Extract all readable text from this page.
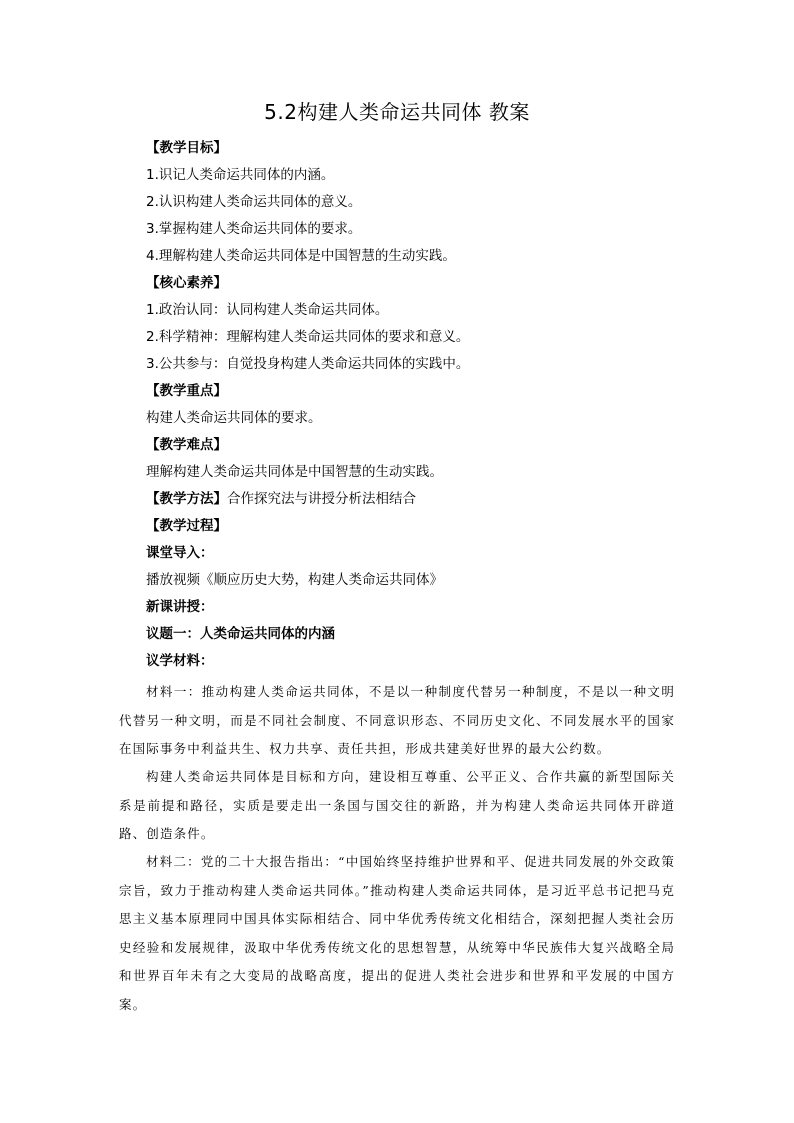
5.2构建人类命运共同体 教案
【教学目标】
1.识记人类命运共同体的内涵。
2.认识构建人类命运共同体的意义。
3.掌握构建人类命运共同体的要求。
4.理解构建人类命运共同体是中国智慧的生动实践。
【核心素养】
1.政治认同：认同构建人类命运共同体。
2.科学精神：理解构建人类命运共同体的要求和意义。
3.公共参与：自觉投身构建人类命运共同体的实践中。
【教学重点】
构建人类命运共同体的要求。
【教学难点】
理解构建人类命运共同体是中国智慧的生动实践。
【教学方法】合作探究法与讲授分析法相结合
【教学过程】
课堂导入：
播放视频《顺应历史大势，构建人类命运共同体》
新课讲授：
议题一：人类命运共同体的内涵
议学材料：
材料一：推动构建人类命运共同体，不是以一种制度代替另一种制度，不是以一种文明代替另一种文明，而是不同社会制度、不同意识形态、不同历史文化、不同发展水平的国家在国际事务中利益共生、权力共享、责任共担，形成共建美好世界的最大公约数。
构建人类命运共同体是目标和方向，建设相互尊重、公平正义、合作共赢的新型国际关系是前提和路径，实质是要走出一条国与国交往的新路，并为构建人类命运共同体开辟道路、创造条件。
材料二：党的二十大报告指出：“中国始终坚持维护世界和平、促进共同发展的外交政策宗旨，致力于推动构建人类命运共同体。”推动构建人类命运共同体，是习近平总书记把马克思主义基本原理同中国具体实际相结合、同中华优秀传统文化相结合，深刻把握人类社会历史经验和发展规律，汲取中华优秀传统文化的思想智慧，从统筹中华民族伟大复兴战略全局和世界百年未有之大变局的战略高度，提出的促进人类社会进步和世界和平发展的中国方案。
